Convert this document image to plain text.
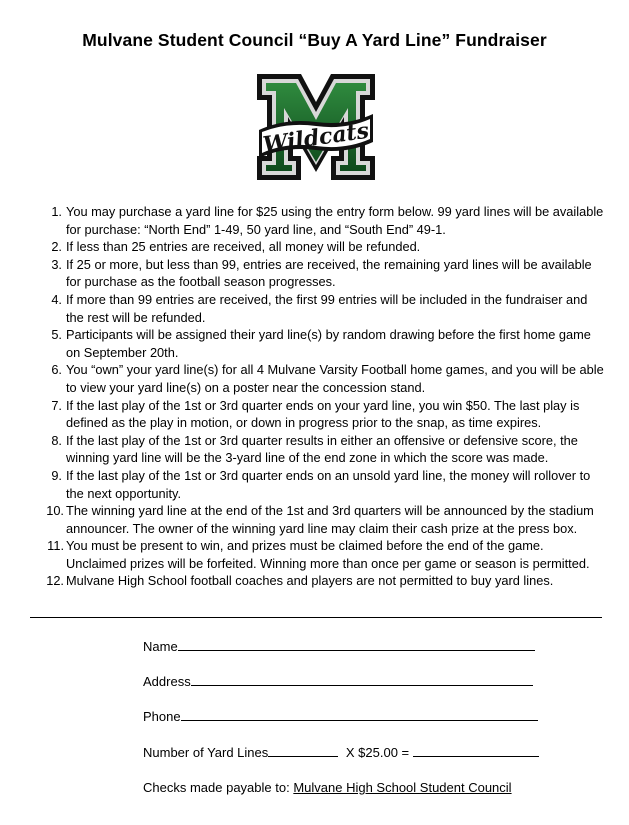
Mulvane Student Council “Buy A Yard Line” Fundraiser
Wildcats
1. You may purchase a yard line for $25 using the entry form below. 99 yard lines will be available for purchase: “North End” 1-49, 50 yard line, and “South End” 49-1.
2. If less than 25 entries are received, all money will be refunded.
3. If 25 or more, but less than 99, entries are received, the remaining yard lines will be available for purchase as the football season progresses.
4. If more than 99 entries are received, the first 99 entries will be included in the fundraiser and the rest will be refunded.
5. Participants will be assigned their yard line(s) by random drawing before the first home game on September 20th.
6. You “own” your yard line(s) for all 4 Mulvane Varsity Football home games, and you will be able to view your yard line(s) on a poster near the concession stand.
7. If the last play of the 1st or 3rd quarter ends on your yard line, you win $50. The last play is defined as the play in motion, or down in progress prior to the snap, as time expires.
8. If the last play of the 1st or 3rd quarter results in either an offensive or defensive score, the winning yard line will be the 3-yard line of the end zone in which the score was made.
9. If the last play of the 1st or 3rd quarter ends on an unsold yard line, the money will rollover to the next opportunity.
10. The winning yard line at the end of the 1st and 3rd quarters will be announced by the stadium announcer. The owner of the winning yard line may claim their cash prize at the press box.
11. You must be present to win, and prizes must be claimed before the end of the game. Unclaimed prizes will be forfeited. Winning more than once per game or season is permitted.
12. Mulvane High School football coaches and players are not permitted to buy yard lines.
Name
Address
Phone
Number of Yard Lines	X $25.00 =
Checks made payable to: Mulvane High School Student Council
